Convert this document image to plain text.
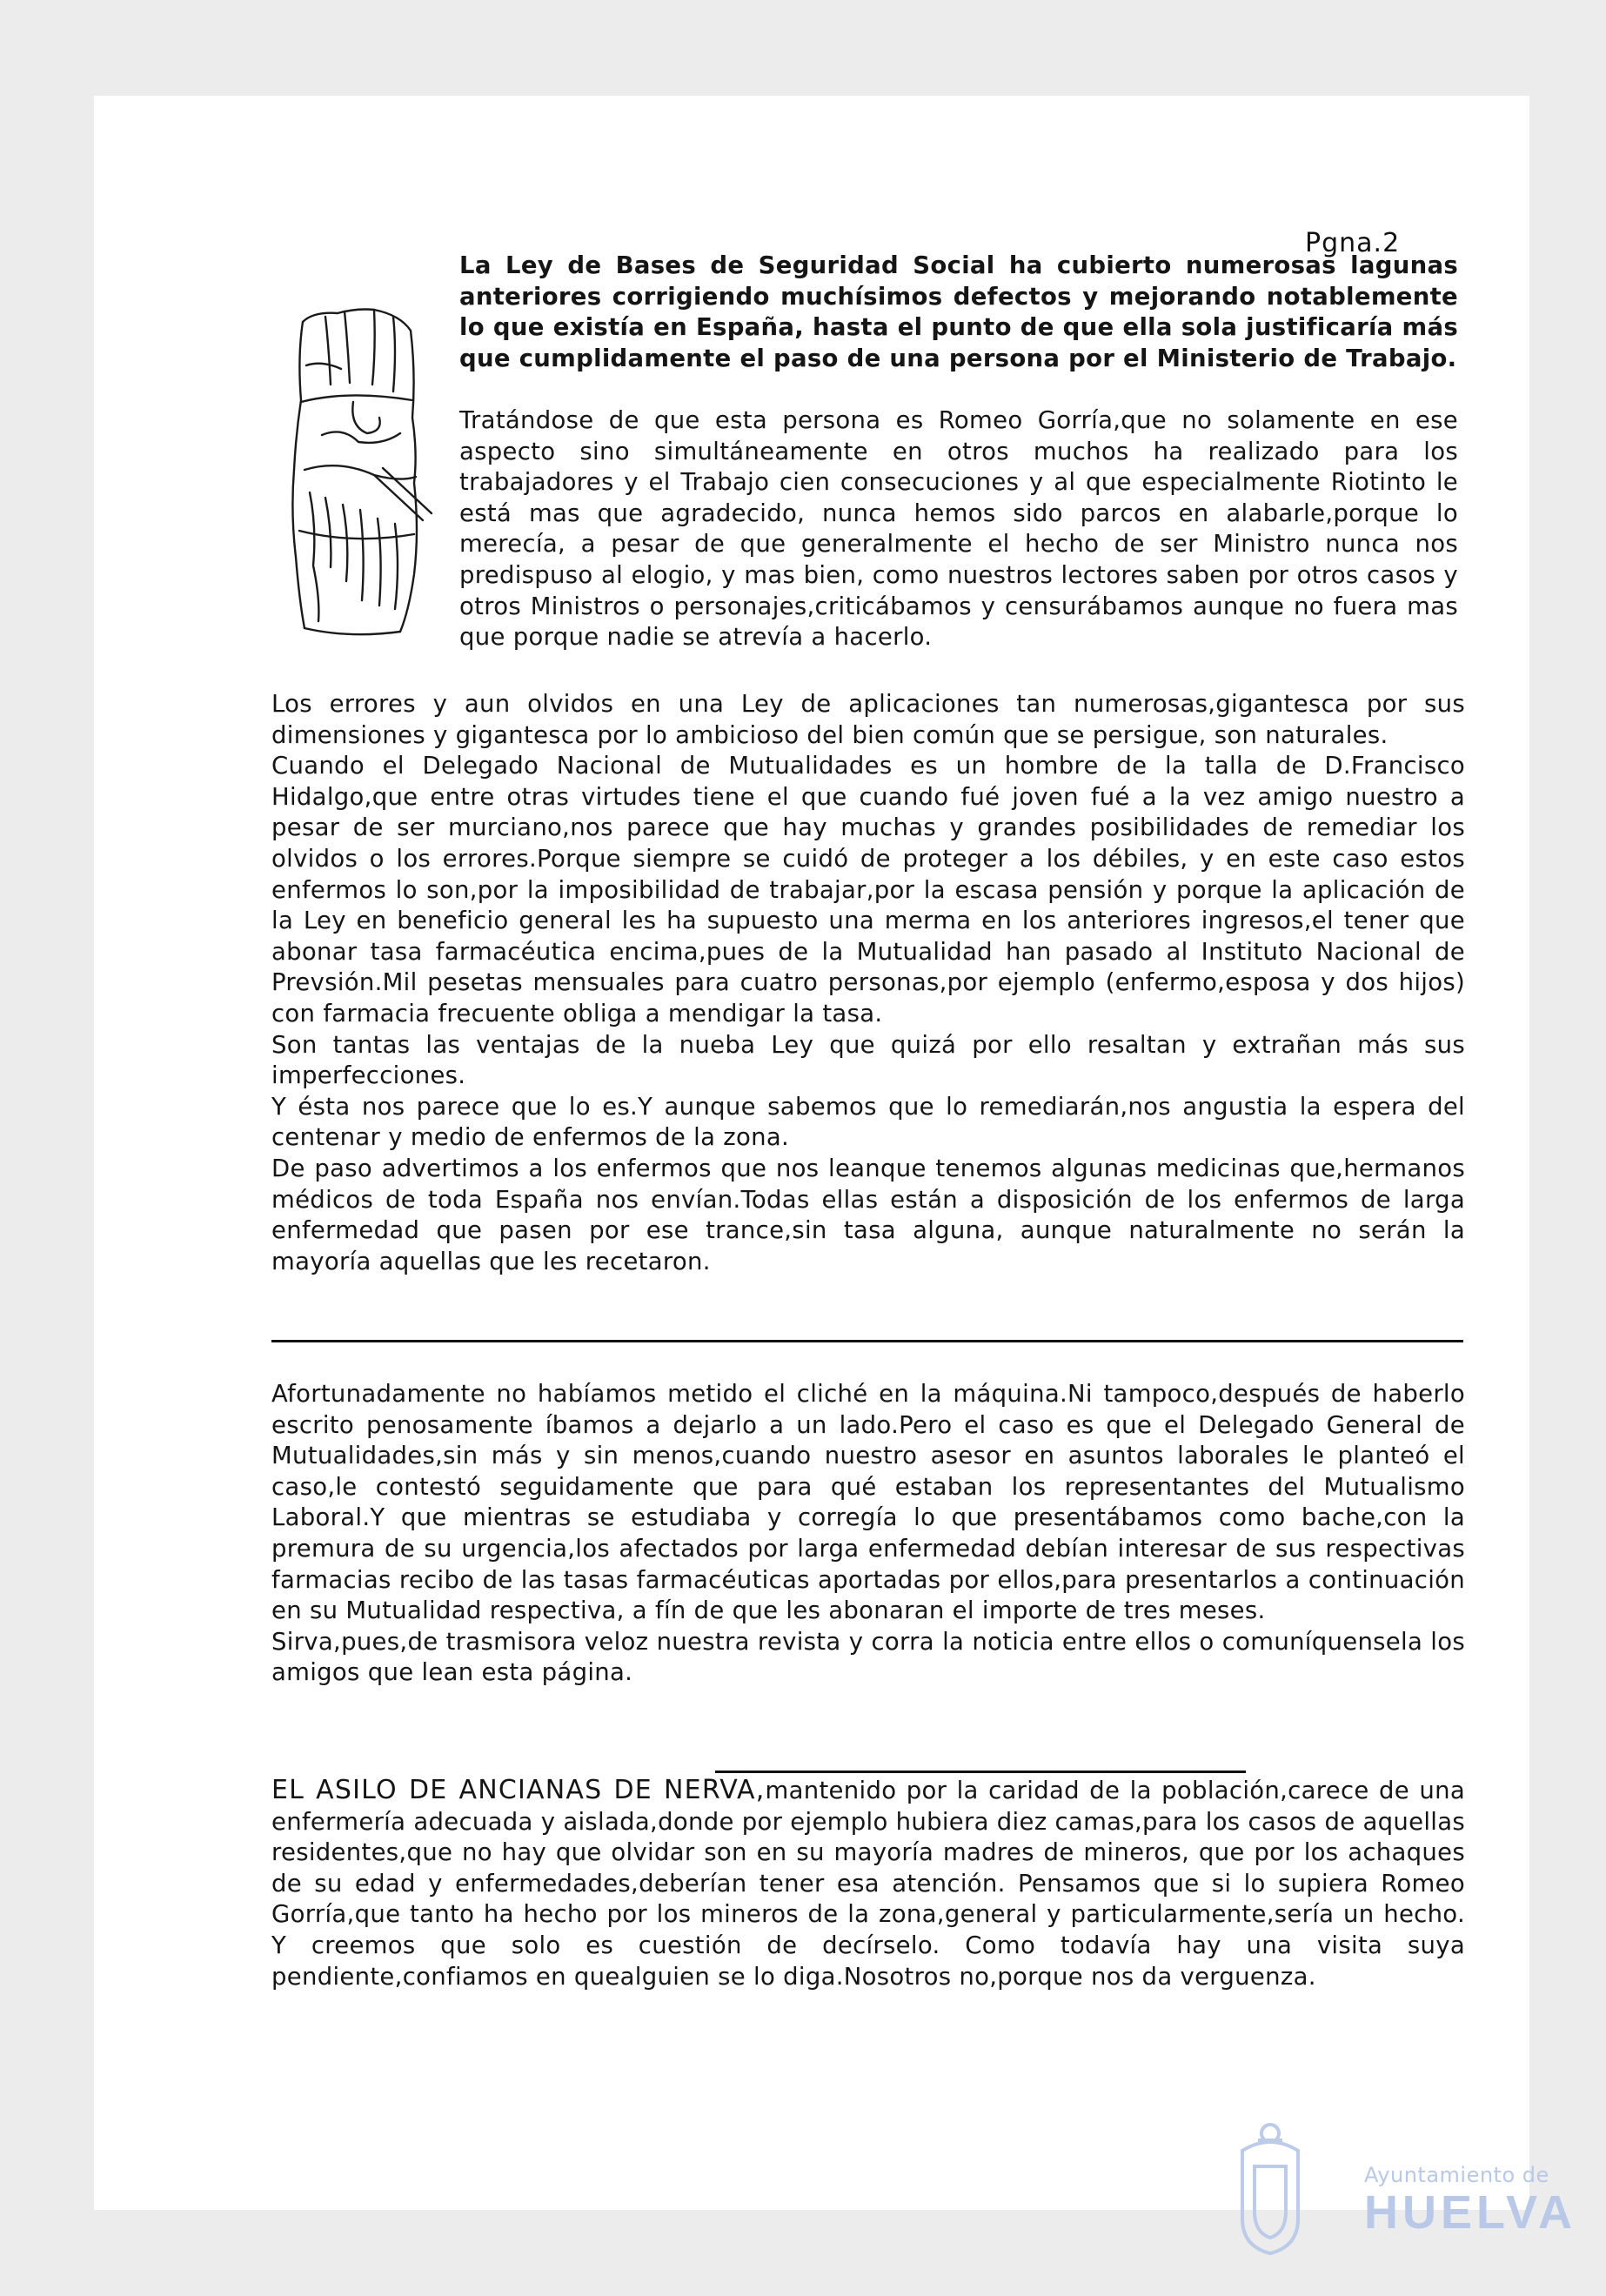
Pgna.2

La Ley de Bases de Seguridad Social ha cubierto numerosas lagunas anteriores corrigiendo muchísimos defectos y mejorando notablemente lo que existía en España, hasta el punto de que ella sola justificaría más que cumplidamente el paso de una persona por el Ministerio de Trabajo.

Tratándose de que esta persona es Romeo Gorría,que no solamente en ese aspecto sino simultáneamente en otros muchos ha realizado para los trabajadores y el Trabajo cien consecuciones y al que especialmente Riotinto le está mas que agradecido, nunca hemos sido parcos en alabarle,porque lo merecía, a pesar de que generalmente el hecho de ser Ministro nunca nos predispuso al elogio, y mas bien, como nuestros lectores saben por otros casos y otros Ministros o personajes,criticábamos y censurábamos aunque no fuera mas que porque nadie se atrevía a hacerlo.

Los errores y aun olvidos en una Ley de aplicaciones tan numerosas,gigantesca por sus dimensiones y gigantesca por lo ambicioso del bien común que se persigue, son naturales.

Cuando el Delegado Nacional de Mutualidades es un hombre de la talla de D.Francisco Hidalgo,que entre otras virtudes tiene el que cuando fué joven fué a la vez amigo nuestro a pesar de ser murciano,nos parece que hay muchas y grandes posibilidades de remediar los olvidos o los errores.Porque siempre se cuidó de proteger a los débiles, y en este caso estos enfermos lo son,por la imposibilidad de trabajar,por la escasa pensión y porque la aplicación de la Ley en beneficio general les ha supuesto una merma en los anteriores ingresos,el tener que abonar tasa farmacéutica encima,pues de la Mutualidad han pasado al Instituto Nacional de Prevsión.Mil pesetas mensuales para cuatro personas,por ejemplo (enfermo,esposa y dos hijos) con farmacia frecuente obliga a mendigar la tasa.

Son tantas las ventajas de la nueba Ley que quizá por ello resaltan y extrañan más sus imperfecciones.

Y ésta nos parece que lo es.Y aunque sabemos que lo remediarán,nos angustia la espera del centenar y medio de enfermos de la zona.

De paso advertimos a los enfermos que nos leanque tenemos algunas medicinas que,hermanos médicos de toda España nos envían.Todas ellas están a disposición de los enfermos de larga enfermedad que pasen por ese trance,sin tasa alguna, aunque naturalmente no serán la mayoría aquellas que les recetaron.

Afortunadamente no habíamos metido el cliché en la máquina.Ni tampoco,después de haberlo escrito penosamente íbamos a dejarlo a un lado.Pero el caso es que el Delegado General de Mutualidades,sin más y sin menos,cuando nuestro asesor en asuntos laborales le planteó el caso,le contestó seguidamente que para qué estaban los representantes del Mutualismo Laboral.Y que mientras se estudiaba y corregía lo que presentábamos como bache,con la premura de su urgencia,los afectados por larga enfermedad debían interesar de sus respectivas farmacias recibo de las tasas farmacéuticas aportadas por ellos,para presentarlos a continuación en su Mutualidad respectiva, a fín de que les abonaran el importe de tres meses.

Sirva,pues,de trasmisora veloz nuestra revista y corra la noticia entre ellos o comuníquensela los amigos que lean esta página.

EL ASILO DE ANCIANAS DE NERVA,mantenido por la caridad de la población,carece de una enfermería adecuada y aislada,donde por ejemplo hubiera diez camas,para los casos de aquellas residentes,que no hay que olvidar son en su mayoría madres de mineros, que por los achaques de su edad y enfermedades,deberían tener esa atención. Pensamos que si lo supiera Romeo Gorría,que tanto ha hecho por los mineros de la zona,general y particularmente,sería un hecho. Y creemos que solo es cuestión de decírselo. Como todavía hay una visita suya pendiente,confiamos en quealguien se lo diga.Nosotros no,porque nos da verguenza.

Ayuntamiento de
HUELVA
